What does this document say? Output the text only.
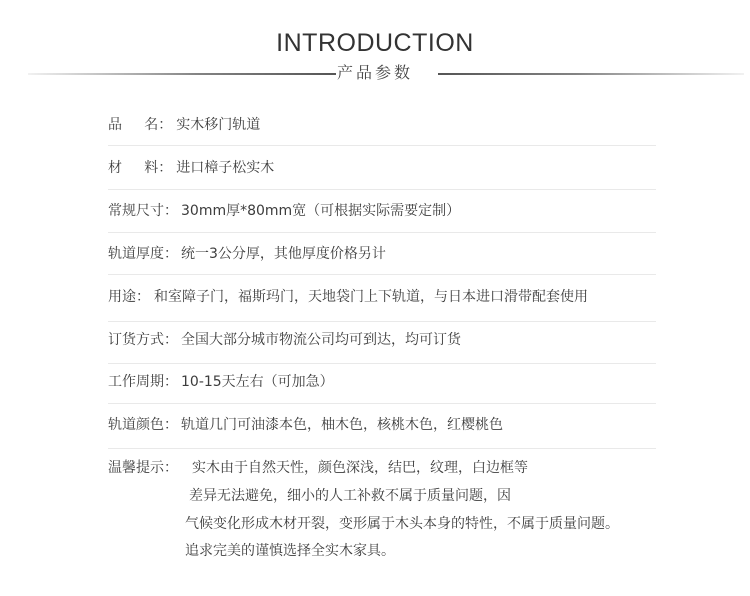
INTRODUCTION
产品参数
品     名： 实木移门轨道
材     料： 进口樟子松实木
常规尺寸： 30mm厚*80mm宽（可根据实际需要定制）
轨道厚度： 统一3公分厚，其他厚度价格另计
用途： 和室障子门，福斯玛门，天地袋门上下轨道，与日本进口滑带配套使用
订货方式： 全国大部分城市物流公司均可到达，均可订货
工作周期： 10-15天左右（可加急）
轨道颜色： 轨道几门可油漆本色，柚木色，核桃木色，红樱桃色
温馨提示： 实木由于自然天性，颜色深浅，结巴，纹理，白边框等
差异无法避免，细小的人工补救不属于质量问题，因
气候变化形成木材开裂，变形属于木头本身的特性，不属于质量问题。
追求完美的谨慎选择全实木家具。
